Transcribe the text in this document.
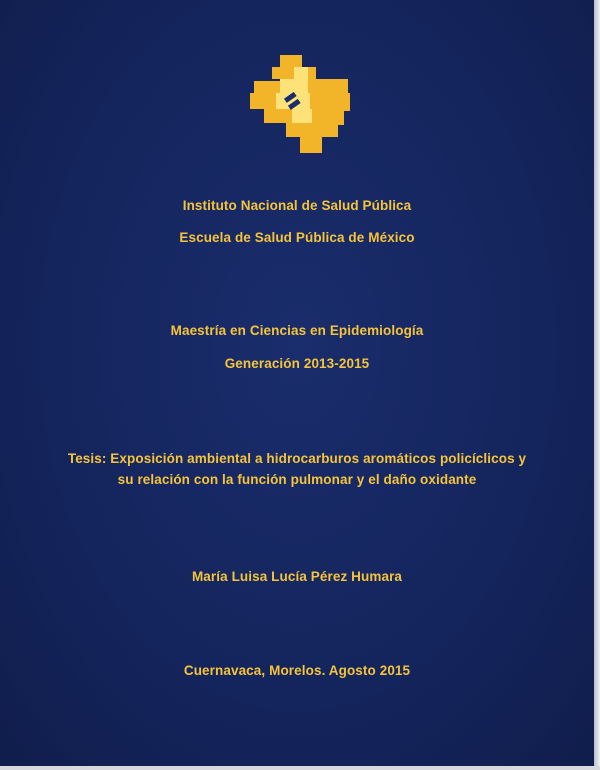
Instituto Nacional de Salud Pública
Escuela de Salud Pública de México
Maestría en Ciencias en Epidemiología
Generación 2013-2015
Tesis: Exposición ambiental a hidrocarburos aromáticos policíclicos y
su relación con la función pulmonar y el daño oxidante
María Luisa Lucía Pérez Humara
Cuernavaca, Morelos. Agosto 2015
